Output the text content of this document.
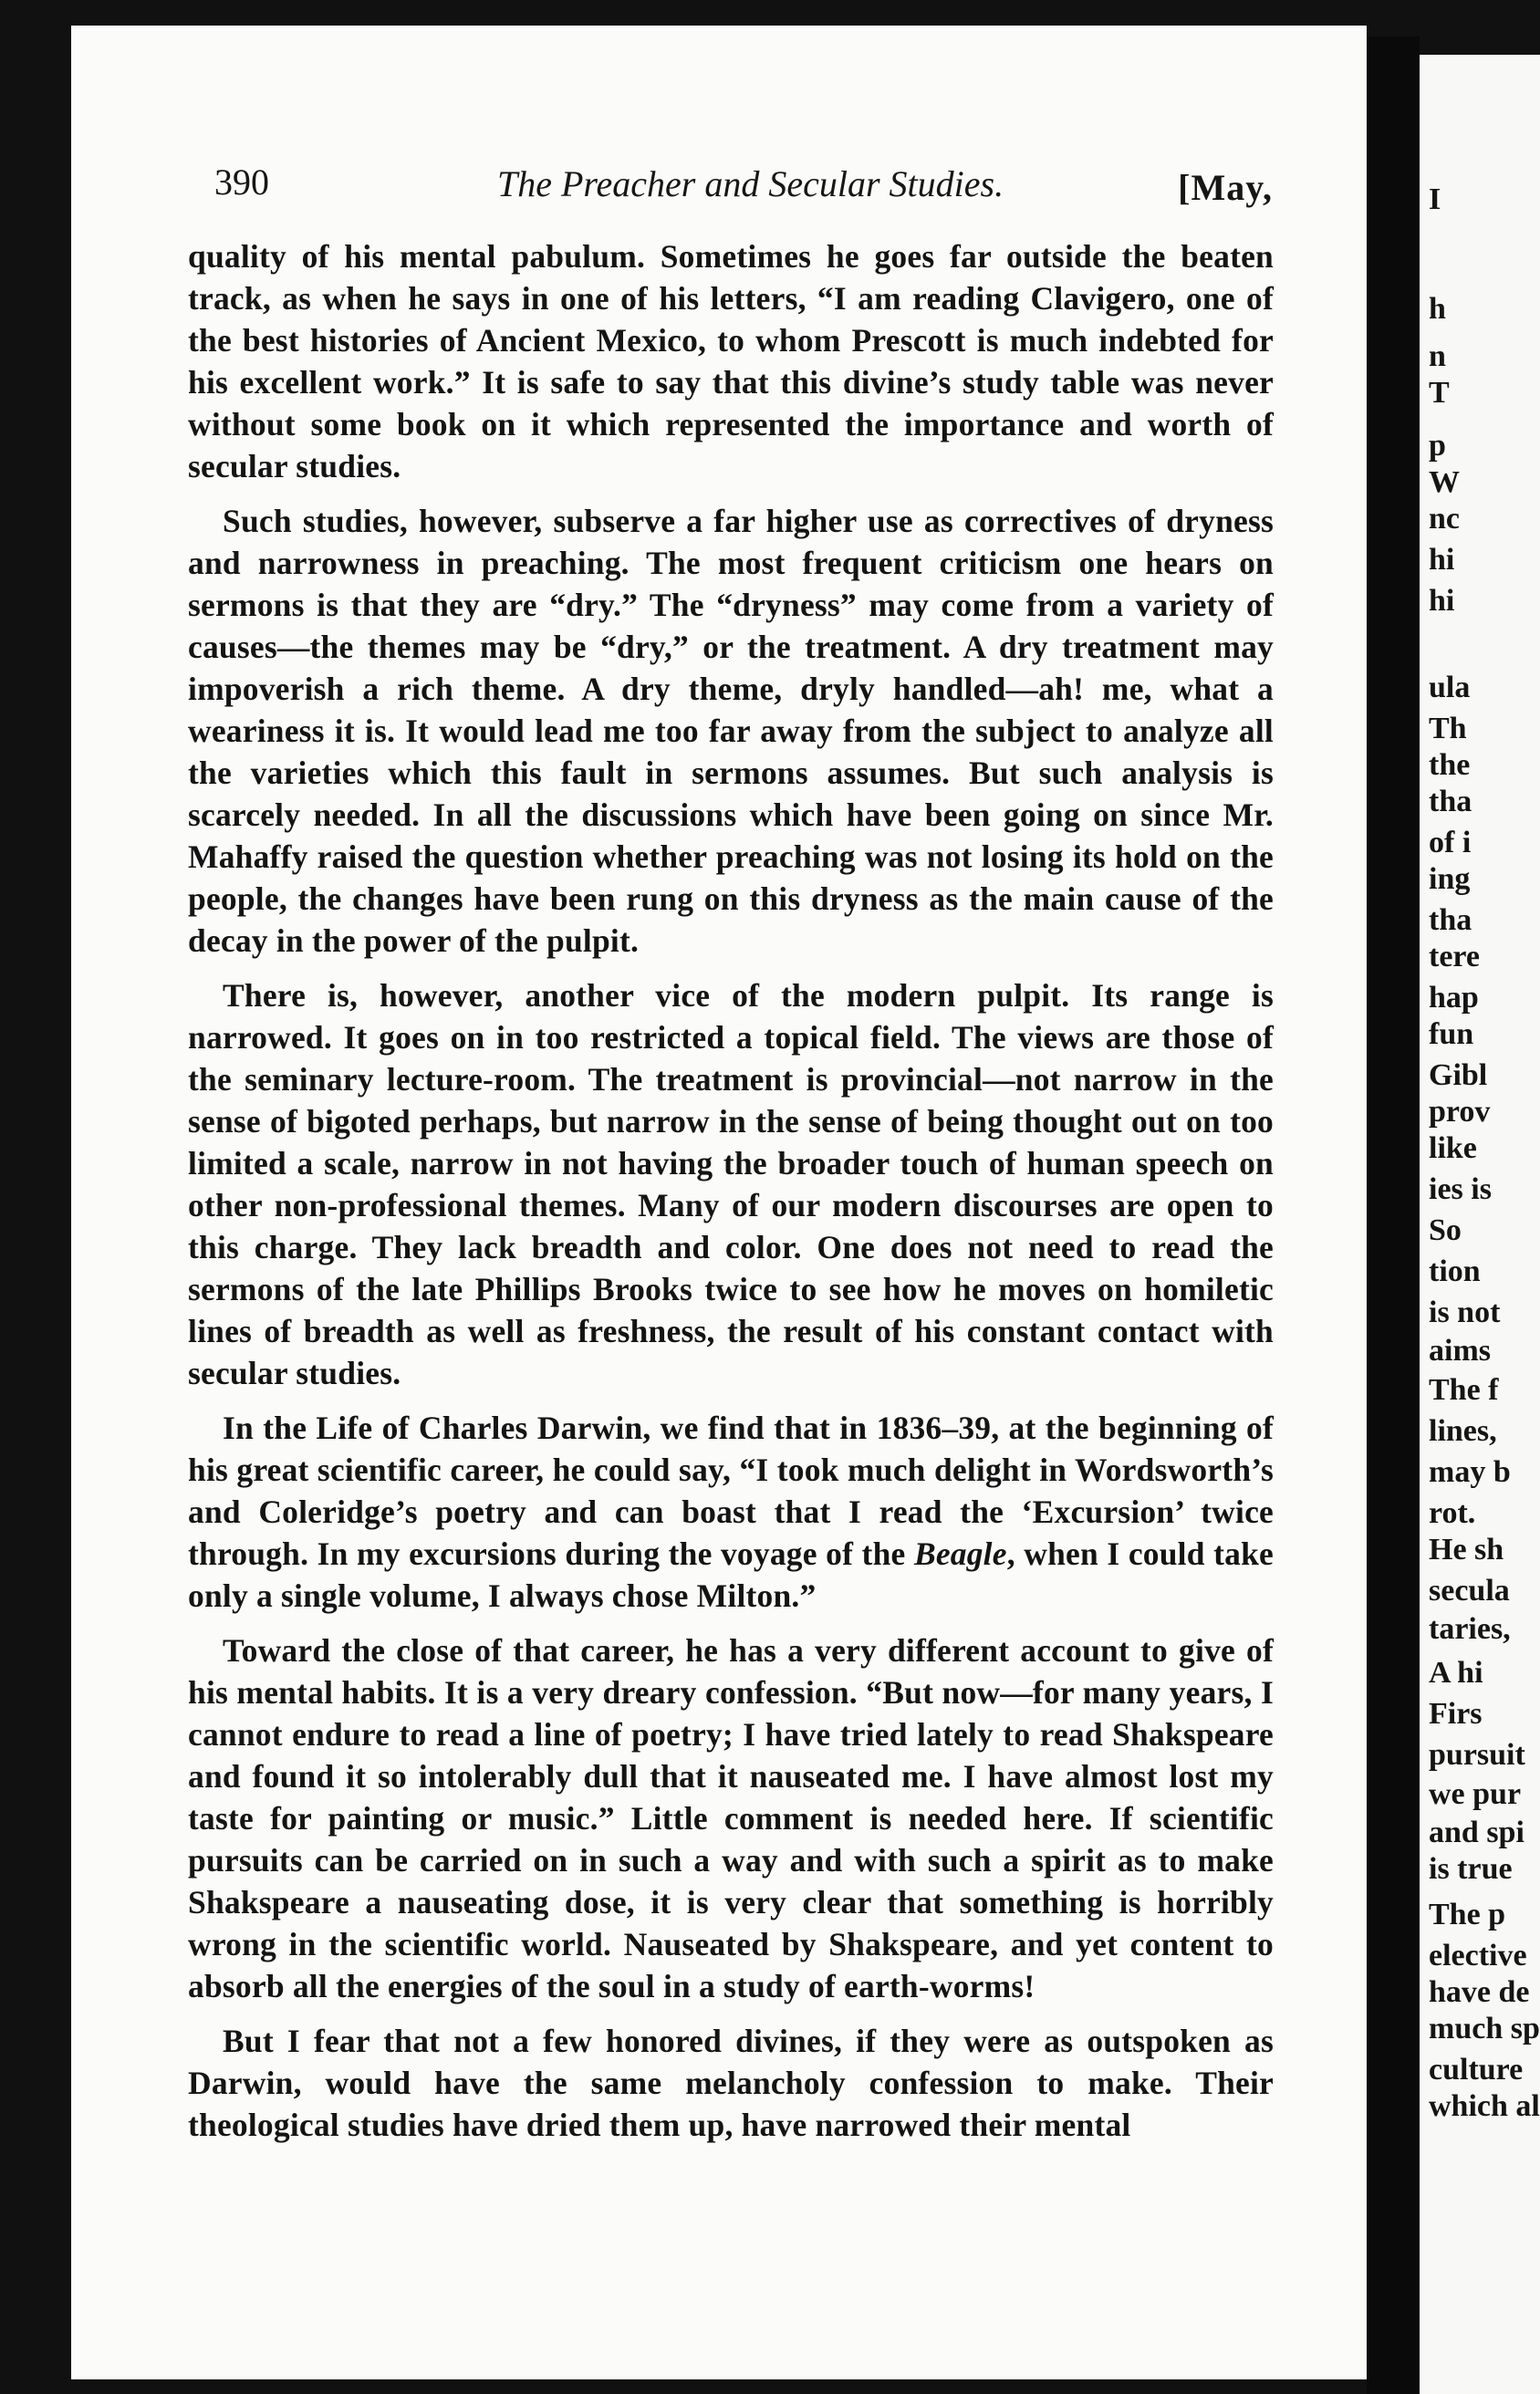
390	The Preacher and Secular Studies.	[May,

quality of his mental pabulum. Sometimes he goes far outside the beaten track, as when he says in one of his letters, “I am reading Clavigero, one of the best histories of Ancient Mexico, to whom Prescott is much indebted for his excellent work.” It is safe to say that this divine’s study table was never without some book on it which represented the importance and worth of secular studies.

Such studies, however, subserve a far higher use as correctives of dryness and narrowness in preaching. The most frequent criticism one hears on sermons is that they are “dry.” The “dryness” may come from a variety of causes—the themes may be “dry,” or the treatment. A dry treatment may impoverish a rich theme. A dry theme, dryly handled—ah! me, what a weariness it is. It would lead me too far away from the subject to analyze all the varieties which this fault in sermons assumes. But such analysis is scarcely needed. In all the discussions which have been going on since Mr. Mahaffy raised the question whether preaching was not losing its hold on the people, the changes have been rung on this dryness as the main cause of the decay in the power of the pulpit.

There is, however, another vice of the modern pulpit. Its range is narrowed. It goes on in too restricted a topical field. The views are those of the seminary lecture-room. The treatment is provincial—not narrow in the sense of bigoted perhaps, but narrow in the sense of being thought out on too limited a scale, narrow in not having the broader touch of human speech on other non-professional themes. Many of our modern discourses are open to this charge. They lack breadth and color. One does not need to read the sermons of the late Phillips Brooks twice to see how he moves on homiletic lines of breadth as well as freshness, the result of his constant contact with secular studies.

In the Life of Charles Darwin, we find that in 1836–39, at the beginning of his great scientific career, he could say, “I took much delight in Wordsworth’s and Coleridge’s poetry and can boast that I read the ‘Excursion’ twice through. In my excursions during the voyage of the Beagle, when I could take only a single volume, I always chose Milton.”

Toward the close of that career, he has a very different account to give of his mental habits. It is a very dreary confession. “But now—for many years, I cannot endure to read a line of poetry; I have tried lately to read Shakspeare and found it so intolerably dull that it nauseated me. I have almost lost my taste for painting or music.” Little comment is needed here. If scientific pursuits can be carried on in such a way and with such a spirit as to make Shakspeare a nauseating dose, it is very clear that something is horribly wrong in the scientific world. Nauseated by Shakspeare, and yet content to absorb all the energies of the soul in a study of earth-worms!

But I fear that not a few honored divines, if they were as outspoken as Darwin, would have the same melancholy confession to make. Their theological studies have dried them up, have narrowed their mental

I
h
n
T
p
W
nc
hi
hi
ula
Th
the
tha
of i
ing
tha
tere
hap
fun
Gibl
prov
like
ies is
So
tion
is not
aims
The f
lines,
may b
rot.
He sh
secula
taries,
A hi
Firs
pursuit
we pur
and spi
is true
The p
elective
have de
much sp
culture
which al
